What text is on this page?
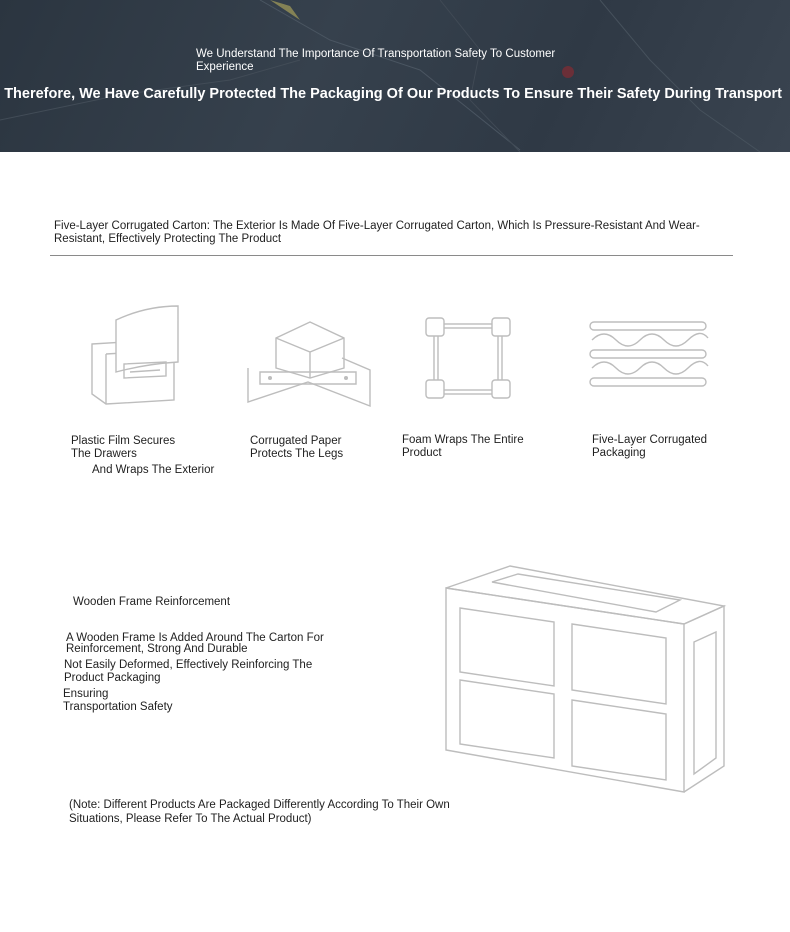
We Understand The Importance Of Transportation Safety To Customer Experience
Therefore, We Have Carefully Protected The Packaging Of Our Products To Ensure Their Safety During Transport
Five-Layer Corrugated Carton: The Exterior Is Made Of Five-Layer Corrugated Carton, Which Is Pressure-Resistant And Wear-Resistant, Effectively Protecting The Product
Plastic Film Secures
The Drawers
And Wraps The Exterior
Corrugated Paper
Protects The Legs
Foam Wraps The Entire
Product
Five-Layer Corrugated
Packaging
Wooden Frame Reinforcement
A Wooden Frame Is Added Around The Carton For
Reinforcement, Strong And Durable
Not Easily Deformed, Effectively Reinforcing The
Product Packaging
Ensuring
Transportation Safety
(Note: Different Products Are Packaged Differently According To Their Own
Situations, Please Refer To The Actual Product)
